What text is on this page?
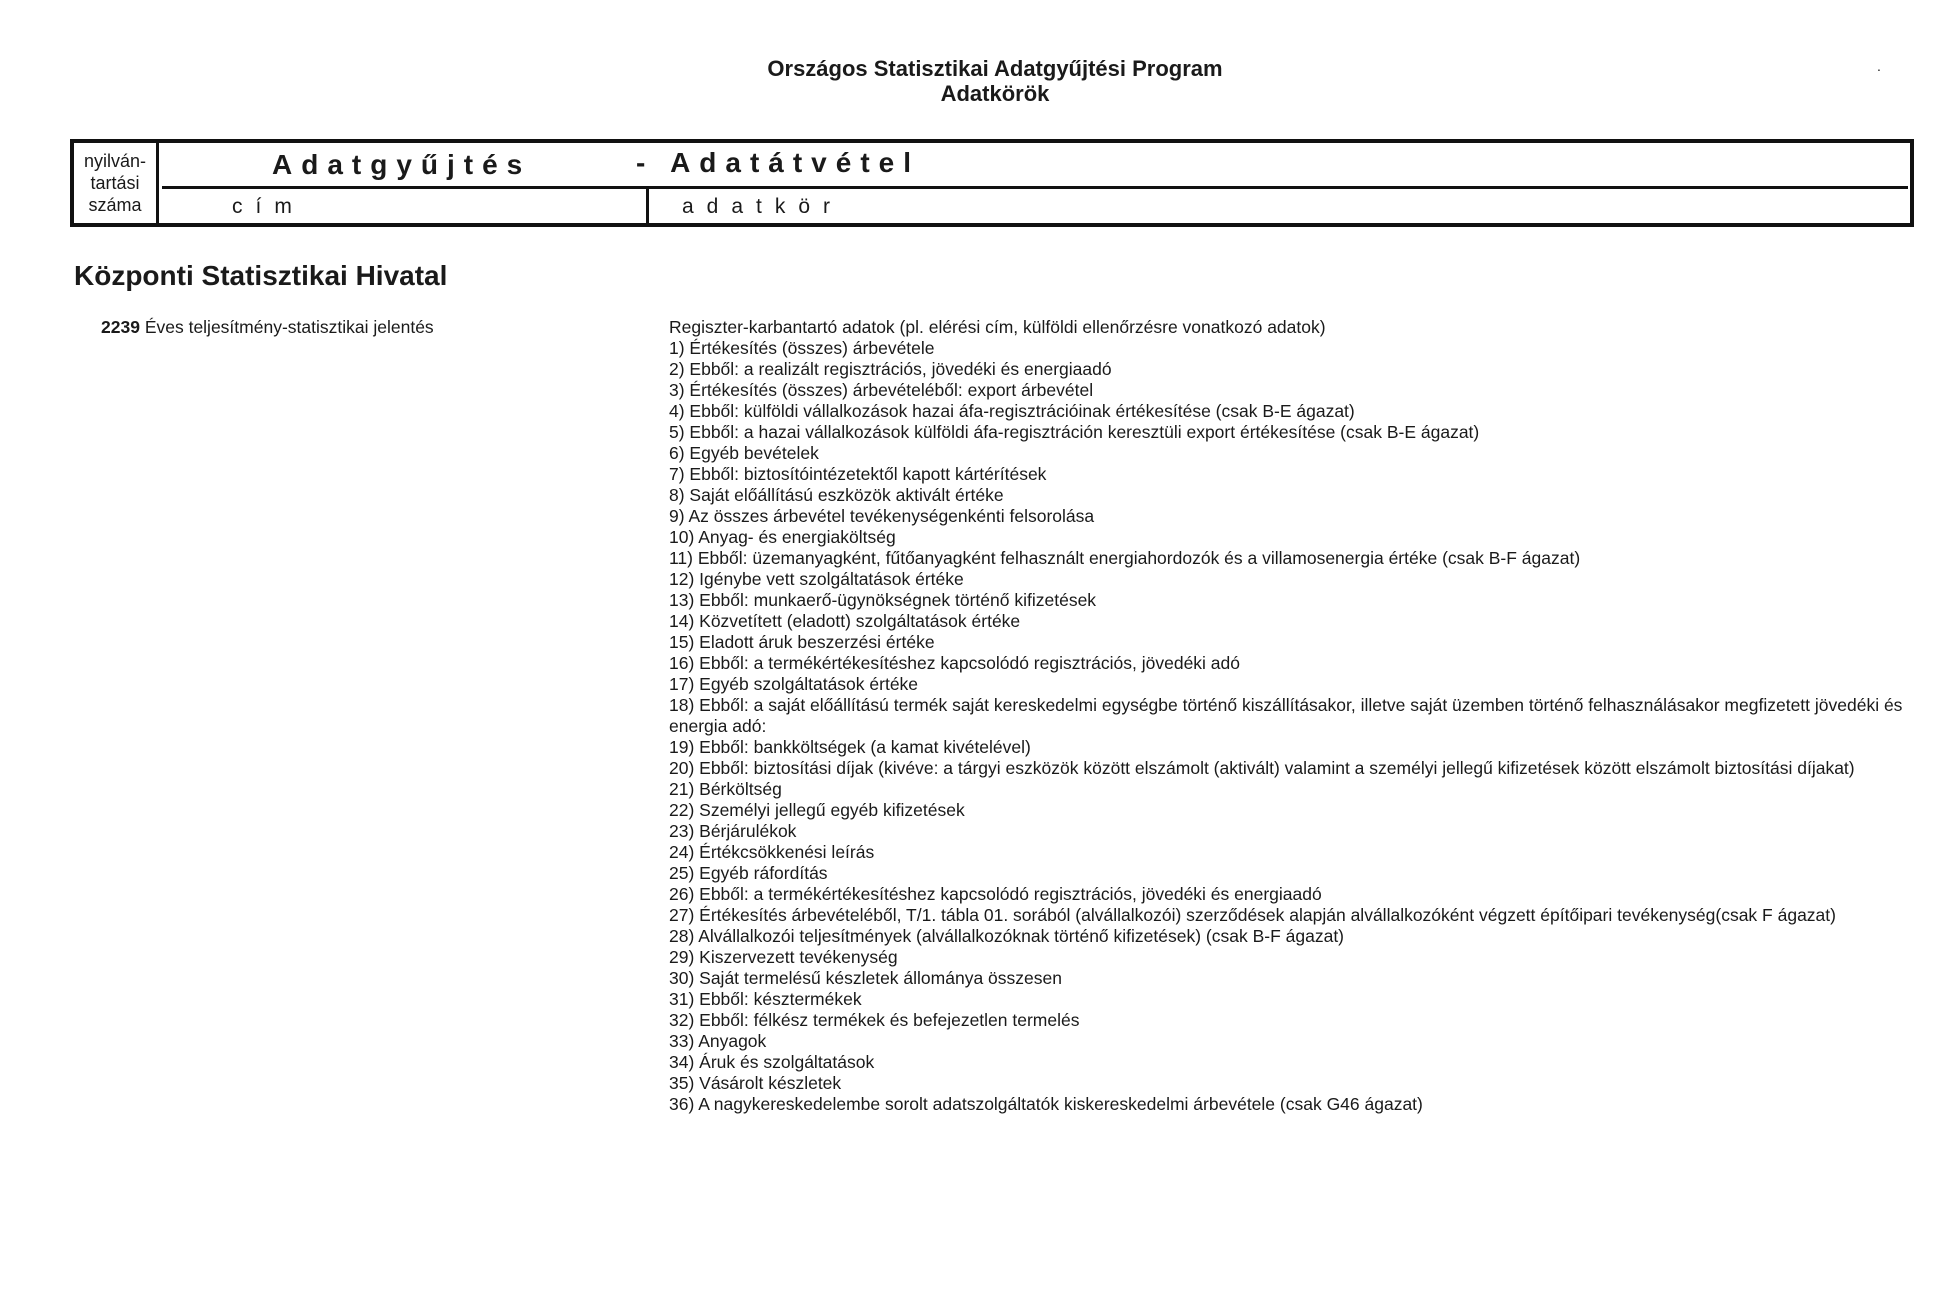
Országos Statisztikai Adatgyűjtési Program
Adatkörök
.
nyilván-
tartási
száma
Adatgyűjtés	- Adatátvétel
cím	adatkör
Központi Statisztikai Hivatal
2239 Éves teljesítmény-statisztikai jelentés	Regiszter-karbantartó adatok (pl. elérési cím, külföldi ellenőrzésre vonatkozó adatok)
1) Értékesítés (összes) árbevétele
2) Ebből: a realizált regisztrációs, jövedéki és energiaadó
3) Értékesítés (összes) árbevételéből: export árbevétel
4) Ebből: külföldi vállalkozások hazai áfa-regisztrációinak értékesítése (csak B-E ágazat)
5) Ebből: a hazai vállalkozások külföldi áfa-regisztráción keresztüli export értékesítése (csak B-E ágazat)
6) Egyéb bevételek
7) Ebből: biztosítóintézetektől kapott kártérítések
8) Saját előállítású eszközök aktivált értéke
9) Az összes árbevétel tevékenységenkénti felsorolása
10) Anyag- és energiaköltség
11) Ebből: üzemanyagként, fűtőanyagként felhasznált energiahordozók és a villamosenergia értéke (csak B-F ágazat)
12) Igénybe vett szolgáltatások értéke
13) Ebből: munkaerő-ügynökségnek történő kifizetések
14) Közvetített (eladott) szolgáltatások értéke
15) Eladott áruk beszerzési értéke
16) Ebből: a termékértékesítéshez kapcsolódó regisztrációs, jövedéki adó
17) Egyéb szolgáltatások értéke
18) Ebből: a saját előállítású termék saját kereskedelmi egységbe történő kiszállításakor, illetve saját üzemben történő felhasználásakor megfizetett jövedéki és energia adó:
19) Ebből: bankköltségek (a kamat kivételével)
20) Ebből: biztosítási díjak (kivéve: a tárgyi eszközök között elszámolt (aktivált) valamint a személyi jellegű kifizetések között elszámolt biztosítási díjakat)
21) Bérköltség
22) Személyi jellegű egyéb kifizetések
23) Bérjárulékok
24) Értékcsökkenési leírás
25) Egyéb ráfordítás
26) Ebből: a termékértékesítéshez kapcsolódó regisztrációs, jövedéki és energiaadó
27) Értékesítés árbevételéből, T/1. tábla 01. sorából (alvállalkozói) szerződések alapján alvállalkozóként végzett építőipari tevékenység(csak F ágazat)
28) Alvállalkozói teljesítmények (alvállalkozóknak történő kifizetések) (csak B-F ágazat)
29) Kiszervezett tevékenység
30) Saját termelésű készletek állománya összesen
31) Ebből: késztermékek
32) Ebből: félkész termékek és befejezetlen termelés
33) Anyagok
34) Áruk és szolgáltatások
35) Vásárolt készletek
36) A nagykereskedelembe sorolt adatszolgáltatók kiskereskedelmi árbevétele (csak G46 ágazat)
